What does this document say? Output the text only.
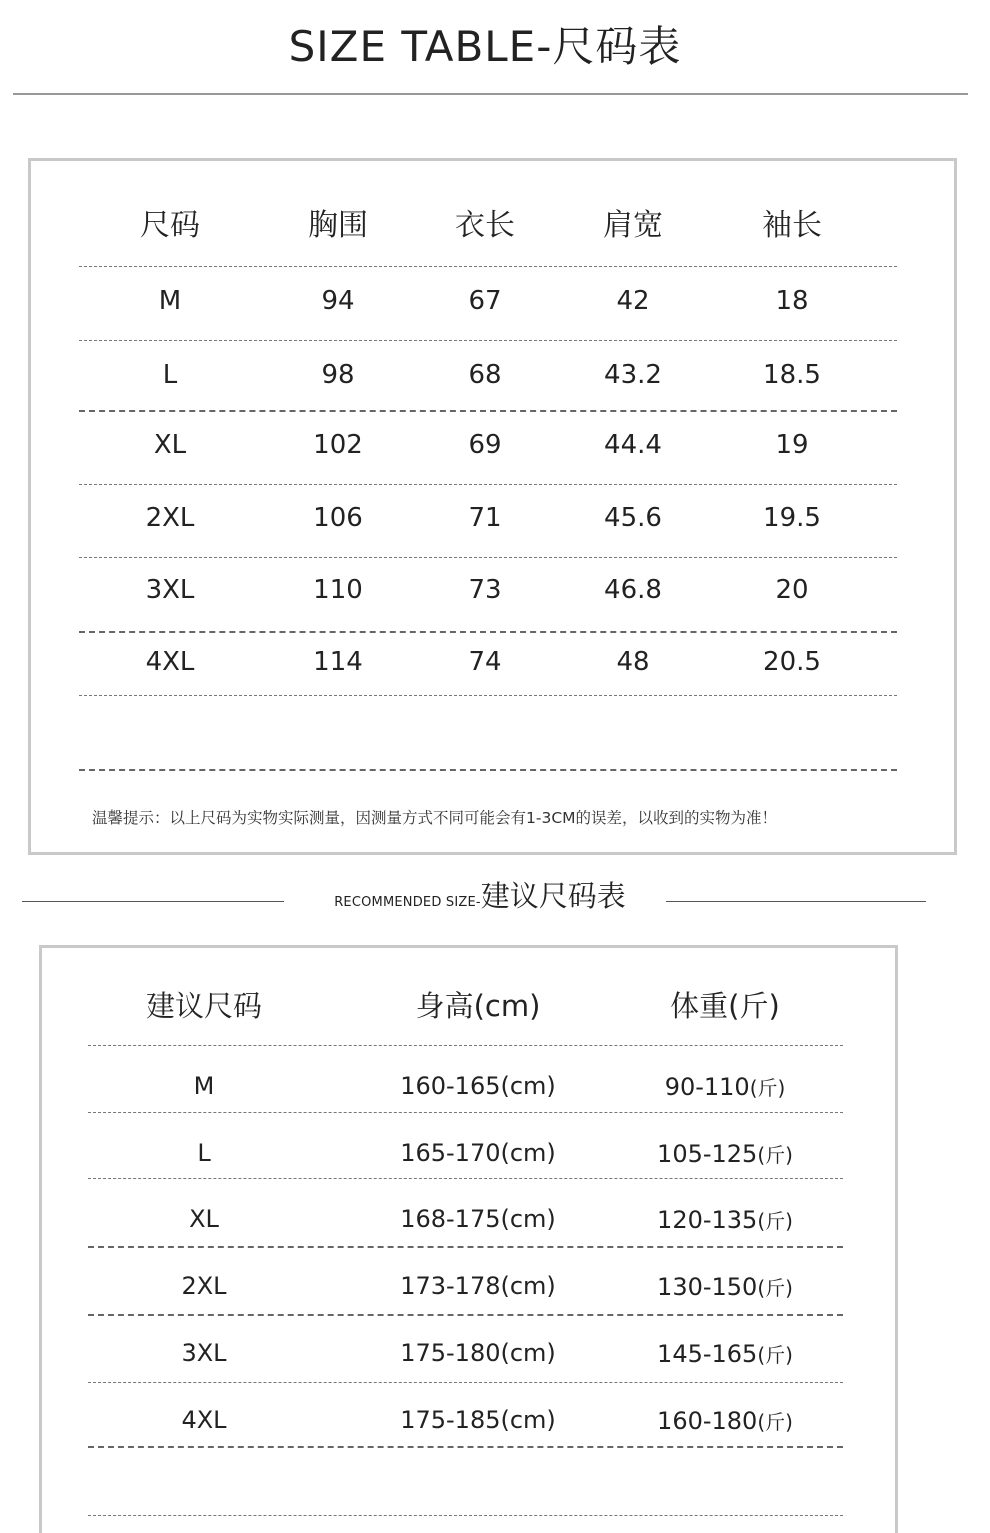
SIZE TABLE-尺码表
尺码	胸围	衣长	肩宽	袖长
M	94	67	42	18
L	98	68	43.2	18.5
XL	102	69	44.4	19
2XL	106	71	45.6	19.5
3XL	110	73	46.8	20
4XL	114	74	48	20.5
温馨提示：以上尺码为实物实际测量，因测量方式不同可能会有1-3CM的误差，以收到的实物为准！
RECOMMENDED SIZE-建议尺码表
建议尺码	身高(cm)	体重(斤)
M	160-165(cm)	90-110(斤)
L	165-170(cm)	105-125(斤)
XL	168-175(cm)	120-135(斤)
2XL	173-178(cm)	130-150(斤)
3XL	175-180(cm)	145-165(斤)
4XL	175-185(cm)	160-180(斤)
